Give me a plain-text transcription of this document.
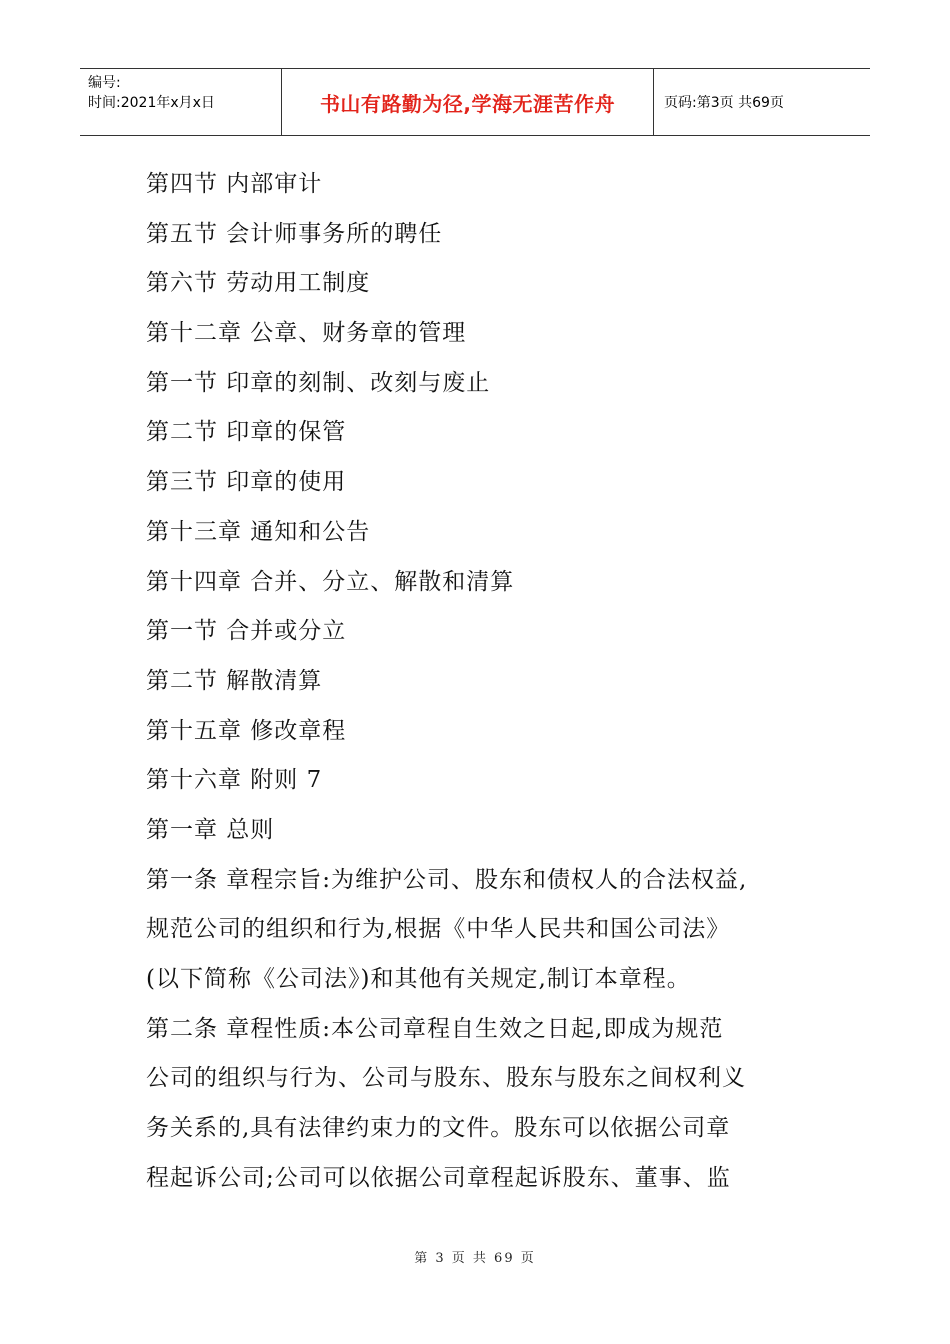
编号:
时间:2021年x月x日	书山有路勤为径,学海无涯苦作舟	页码:第3页 共69页
第四节 内部审计
第五节 会计师事务所的聘任
第六节 劳动用工制度
第十二章 公章、财务章的管理
第一节 印章的刻制、改刻与废止
第二节 印章的保管
第三节 印章的使用
第十三章 通知和公告
第十四章 合并、分立、解散和清算
第一节 合并或分立
第二节 解散清算
第十五章 修改章程
第十六章 附则 7
第一章 总则
第一条 章程宗旨:为维护公司、股东和债权人的合法权益,
规范公司的组织和行为,根据《中华人民共和国公司法》
(以下简称《公司法》)和其他有关规定,制订本章程。
第二条 章程性质:本公司章程自生效之日起,即成为规范
公司的组织与行为、公司与股东、股东与股东之间权利义
务关系的,具有法律约束力的文件。股东可以依据公司章
程起诉公司;公司可以依据公司章程起诉股东、董事、监
第 3 页 共 69 页
